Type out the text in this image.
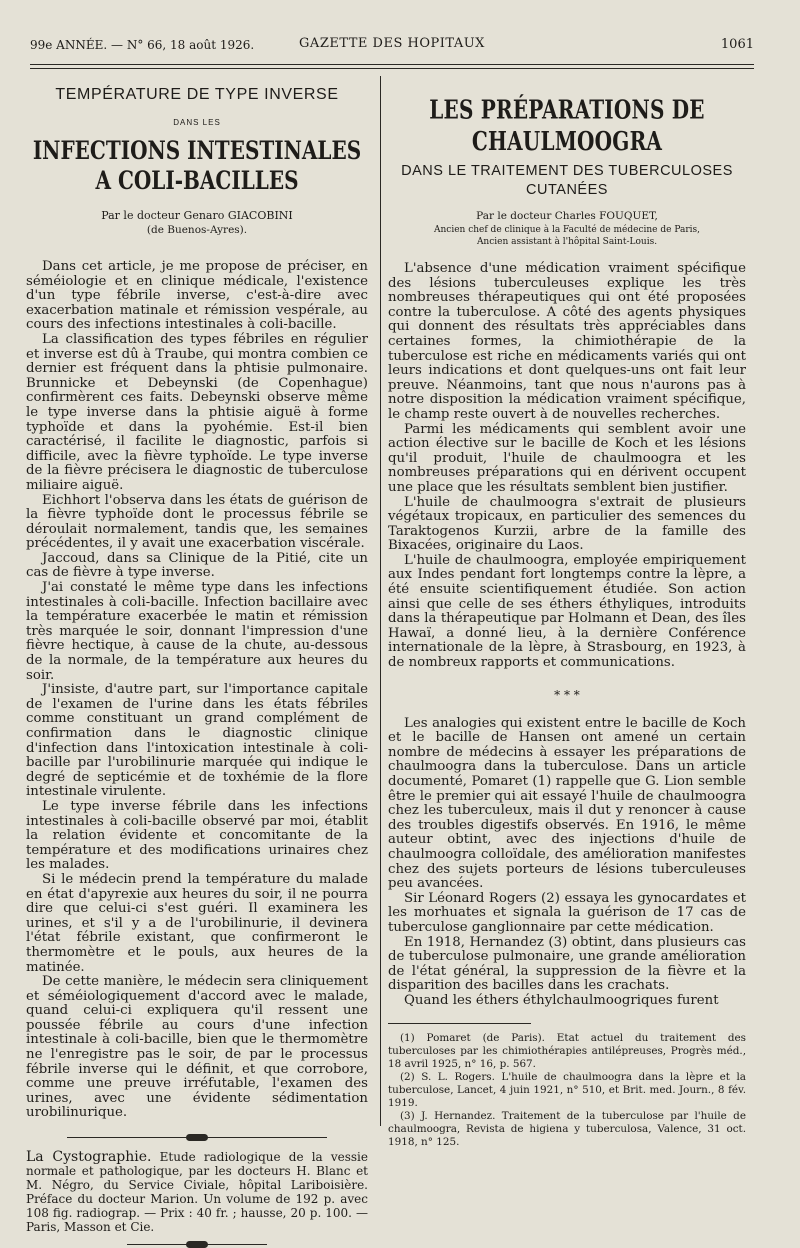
99e ANNÉE. — N° 66, 18 août 1926.	GAZETTE DES HOPITAUX	1061
TEMPÉRATURE DE TYPE INVERSE
DANS LES
INFECTIONS INTESTINALES A COLI-BACILLES
Par le docteur Genaro GIACOBINI
(de Buenos-Ayres).

Dans cet article, je me propose de préciser, en séméiologie et en clinique médicale, l'existence d'un type fébrile inverse, c'est-à-dire avec exacerbation matinale et rémission vespérale, au cours des infections intestinales à coli-bacille.

La classification des types fébriles en régulier et inverse est dû à Traube, qui montra combien ce dernier est fréquent dans la phtisie pulmonaire. Brunnicke et Debeynski (de Copenhague) confirmèrent ces faits. Debeynski observe même le type inverse dans la phtisie aiguë à forme typhoïde et dans la pyohémie. Est-il bien caractérisé, il facilite le diagnostic, parfois si difficile, avec la fièvre typhoïde. Le type inverse de la fièvre précisera le diagnostic de tuberculose miliaire aiguë.

Eichhort l'observa dans les états de guérison de la fièvre typhoïde dont le processus fébrile se déroulait normalement, tandis que, les semaines précédentes, il y avait une exacerbation viscérale.

Jaccoud, dans sa Clinique de la Pitié, cite un cas de fièvre à type inverse.

J'ai constaté le même type dans les infections intestinales à coli-bacille. Infection bacillaire avec la température exacerbée le matin et rémission très marquée le soir, donnant l'impression d'une fièvre hectique, à cause de la chute, au-dessous de la normale, de la température aux heures du soir.

J'insiste, d'autre part, sur l'importance capitale de l'examen de l'urine dans les états fébriles comme constituant un grand complément de confirmation dans le diagnostic clinique d'infection dans l'intoxication intestinale à coli-bacille par l'urobilinurie marquée qui indique le degré de septicémie et de toxhémie de la flore intestinale virulente.

Le type inverse fébrile dans les infections intestinales à coli-bacille observé par moi, établit la relation évidente et concomitante de la température et des modifications urinaires chez les malades.

Si le médecin prend la température du malade en état d'apyrexie aux heures du soir, il ne pourra dire que celui-ci s'est guéri. Il examinera les urines, et s'il y a de l'urobilinurie, il devinera l'état fébrile existant, que confirmeront le thermomètre et le pouls, aux heures de la matinée.

De cette manière, le médecin sera cliniquement et séméiologiquement d'accord avec le malade, quand celui-ci expliquera qu'il ressent une poussée fébrile au cours d'une infection intestinale à coli-bacille, bien que le thermomètre ne l'enregistre pas le soir, de par le processus fébrile inverse qui le définit, et que corrobore, comme une preuve irréfutable, l'examen des urines, avec une évidente sédimentation urobilinurique.

La Cystographie. Etude radiologique de la vessie normale et pathologique, par les docteurs H. Blanc et M. Négro, du Service Civiale, hôpital Lariboisière. Préface du docteur Marion. Un volume de 192 p. avec 108 fig. radiograp. — Prix : 40 fr. ; hausse, 20 p. 100. — Paris, Masson et Cie.
LES PRÉPARATIONS DE CHAULMOOGRA
DANS LE TRAITEMENT DES TUBERCULOSES CUTANÉES
Par le docteur Charles FOUQUET,
Ancien chef de clinique à la Faculté de médecine de Paris,
Ancien assistant à l'hôpital Saint-Louis.

L'absence d'une médication vraiment spécifique des lésions tuberculeuses explique les très nombreuses thérapeutiques qui ont été proposées contre la tuberculose. A côté des agents physiques qui donnent des résultats très appréciables dans certaines formes, la chimiothérapie de la tuberculose est riche en médicaments variés qui ont leurs indications et dont quelques-uns ont fait leur preuve. Néanmoins, tant que nous n'aurons pas à notre disposition la médication vraiment spécifique, le champ reste ouvert à de nouvelles recherches.

Parmi les médicaments qui semblent avoir une action élective sur le bacille de Koch et les lésions qu'il produit, l'huile de chaulmoogra et les nombreuses préparations qui en dérivent occupent une place que les résultats semblent bien justifier.

L'huile de chaulmoogra s'extrait de plusieurs végétaux tropicaux, en particulier des semences du Taraktogenos Kurzii, arbre de la famille des Bixacées, originaire du Laos.

L'huile de chaulmoogra, employée empiriquement aux Indes pendant fort longtemps contre la lèpre, a été ensuite scientifiquement étudiée. Son action ainsi que celle de ses éthers éthyliques, introduits dans la thérapeutique par Holmann et Dean, des îles Hawaï, a donné lieu, à la dernière Conférence internationale de la lèpre, à Strasbourg, en 1923, à de nombreux rapports et communications.

* * *

Les analogies qui existent entre le bacille de Koch et le bacille de Hansen ont amené un certain nombre de médecins à essayer les préparations de chaulmoogra dans la tuberculose. Dans un article documenté, Pomaret (1) rappelle que G. Lion semble être le premier qui ait essayé l'huile de chaulmoogra chez les tuberculeux, mais il dut y renoncer à cause des troubles digestifs observés. En 1916, le même auteur obtint, avec des injections d'huile de chaulmoogra colloïdale, des amélioration manifestes chez des sujets porteurs de lésions tuberculeuses peu avancées.

Sir Léonard Rogers (2) essaya les gynocardates et les morhuates et signala la guérison de 17 cas de tuberculose ganglionnaire par cette médication.

En 1918, Hernandez (3) obtint, dans plusieurs cas de tuberculose pulmonaire, une grande amélioration de l'état général, la suppression de la fièvre et la disparition des bacilles dans les crachats.

Quand les éthers éthylchaulmoogriques furent

(1) Pomaret (de Paris). Etat actuel du traitement des tuberculoses par les chimiothérapies antilépreuses, Progrès méd., 18 avril 1925, n° 16, p. 567.

(2) S. L. Rogers. L'huile de chaulmoogra dans la lèpre et la tuberculose, Lancet, 4 juin 1921, n° 510, et Brit. med. Journ., 8 fév. 1919.

(3) J. Hernandez. Traitement de la tuberculose par l'huile de chaulmoogra, Revista de higiena y tuberculosa, Valence, 31 oct. 1918, n° 125.
